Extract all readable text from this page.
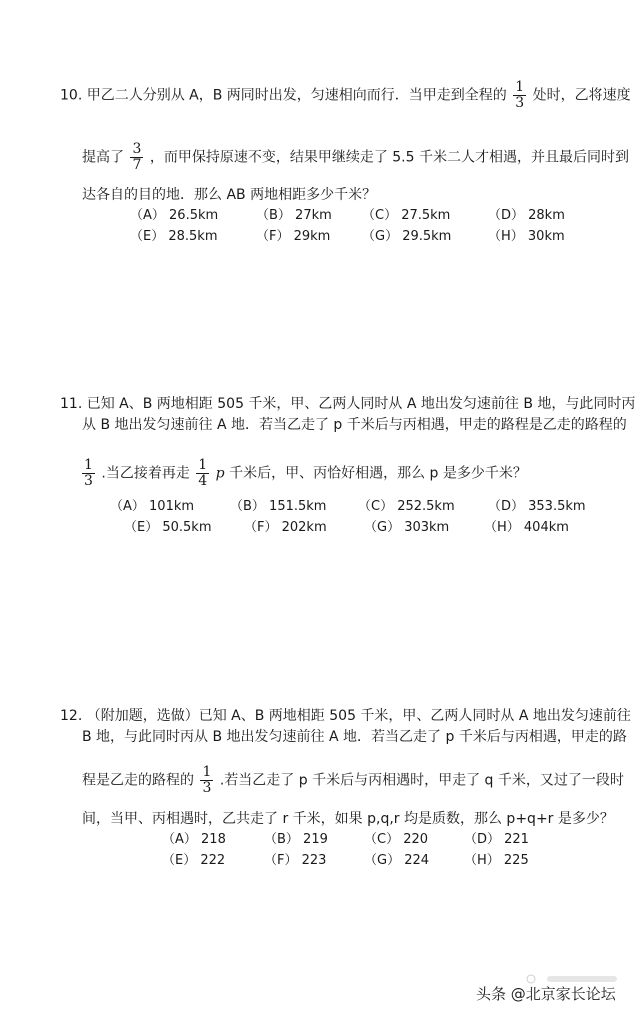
10. 甲乙二人分别从 A，B 两同时出发，匀速相向而行．当甲走到全程的 $\frac{1}{3}$ 处时，乙将速度
提高了 $\frac{3}{7}$ ，而甲保持原速不变，结果甲继续走了 5.5 千米二人才相遇，并且最后同时到
达各自的目的地．那么 AB 两地相距多少千米？
（A） 26.5km	（B） 27km （C） 27.5km	（D） 28km
（E） 28.5km	（F） 29km （G） 29.5km	（H） 30km
11. 已知 A、B 两地相距 505 千米，甲、乙两人同时从 A 地出发匀速前往 B 地，与此同时丙
从 B 地出发匀速前往 A 地．若当乙走了 p 千米后与丙相遇，甲走的路程是乙走的路程的
$\frac{1}{3}$ .当乙接着再走 $\frac{1}{4}$ p 千米后，甲、丙恰好相遇，那么 p 是多少千米？
（A） 101km	（B） 151.5km （C） 252.5km	（D） 353.5km
（E） 50.5km	（F） 202km	（G） 303km	（H） 404km
12. （附加题，选做）已知 A、B 两地相距 505 千米，甲、乙两人同时从 A 地出发匀速前往
B 地，与此同时丙从 B 地出发匀速前往 A 地．若当乙走了 p 千米后与丙相遇，甲走的路
程是乙走的路程的 $\frac{1}{3}$ .若当乙走了 p 千米后与丙相遇时，甲走了 q 千米，又过了一段时
间，当甲、丙相遇时，乙共走了 r 千米，如果 p,q,r 均是质数，那么 p+q+r 是多少？
（A） 218	（B） 219	（C） 220	（D） 221
（E） 222	（F） 223	（G） 224	（H） 225
头条 @北京家长论坛
